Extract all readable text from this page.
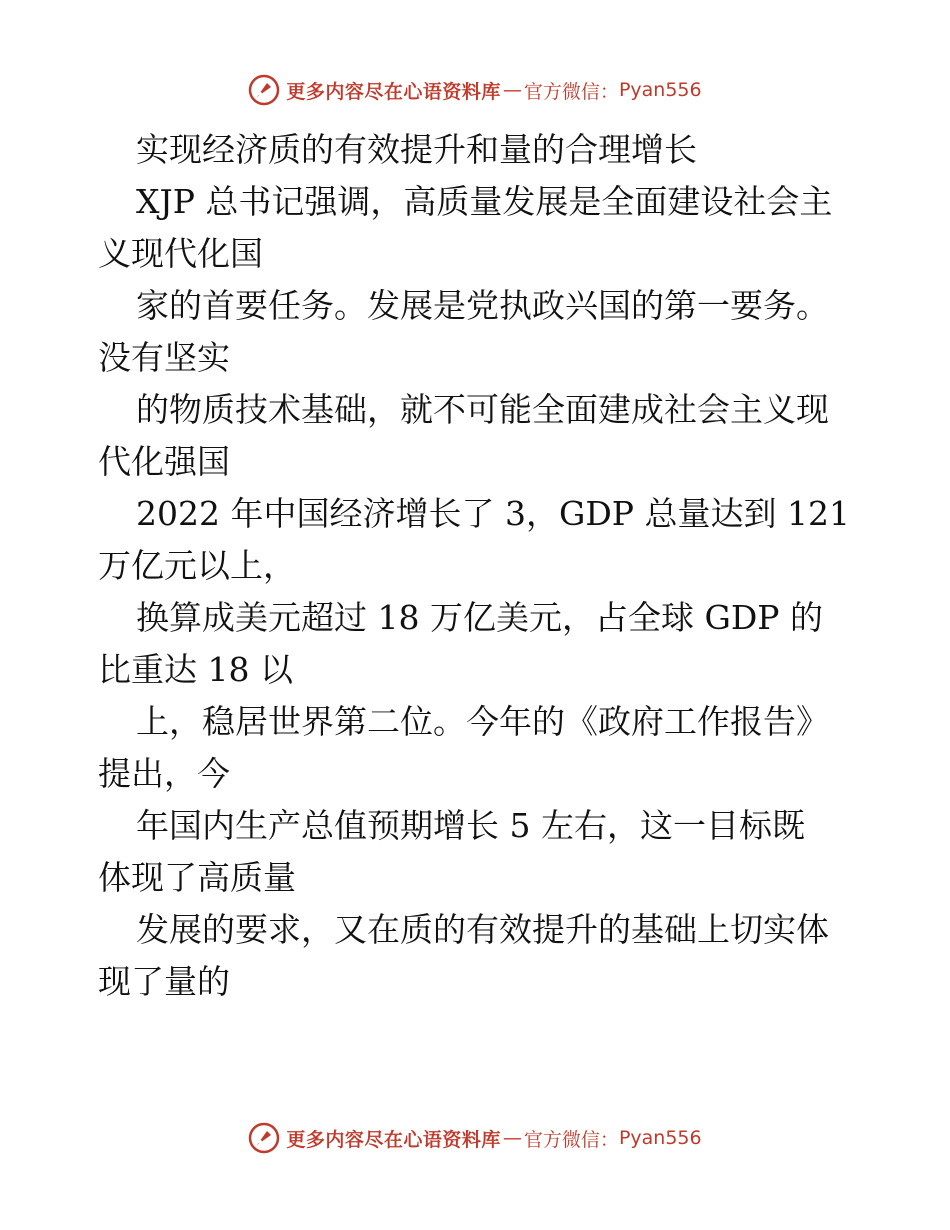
更多内容尽在心语资料库 — 官方微信： Pyan556
实现经济质的有效提升和量的合理增长
XJP 总书记强调，高质量发展是全面建设社会主
义现代化国
家的首要任务。发展是党执政兴国的第一要务。
没有坚实
的物质技术基础，就不可能全面建成社会主义现
代化强国
2022 年中国经济增长了 3，GDP 总量达到 121
万亿元以上，
换算成美元超过 18 万亿美元，占全球 GDP 的
比重达 18 以
上，稳居世界第二位。今年的《政府工作报告》
提出，今
年国内生产总值预期增长 5 左右，这一目标既
体现了高质量
发展的要求，又在质的有效提升的基础上切实体
现了量的
更多内容尽在心语资料库 — 官方微信： Pyan556
